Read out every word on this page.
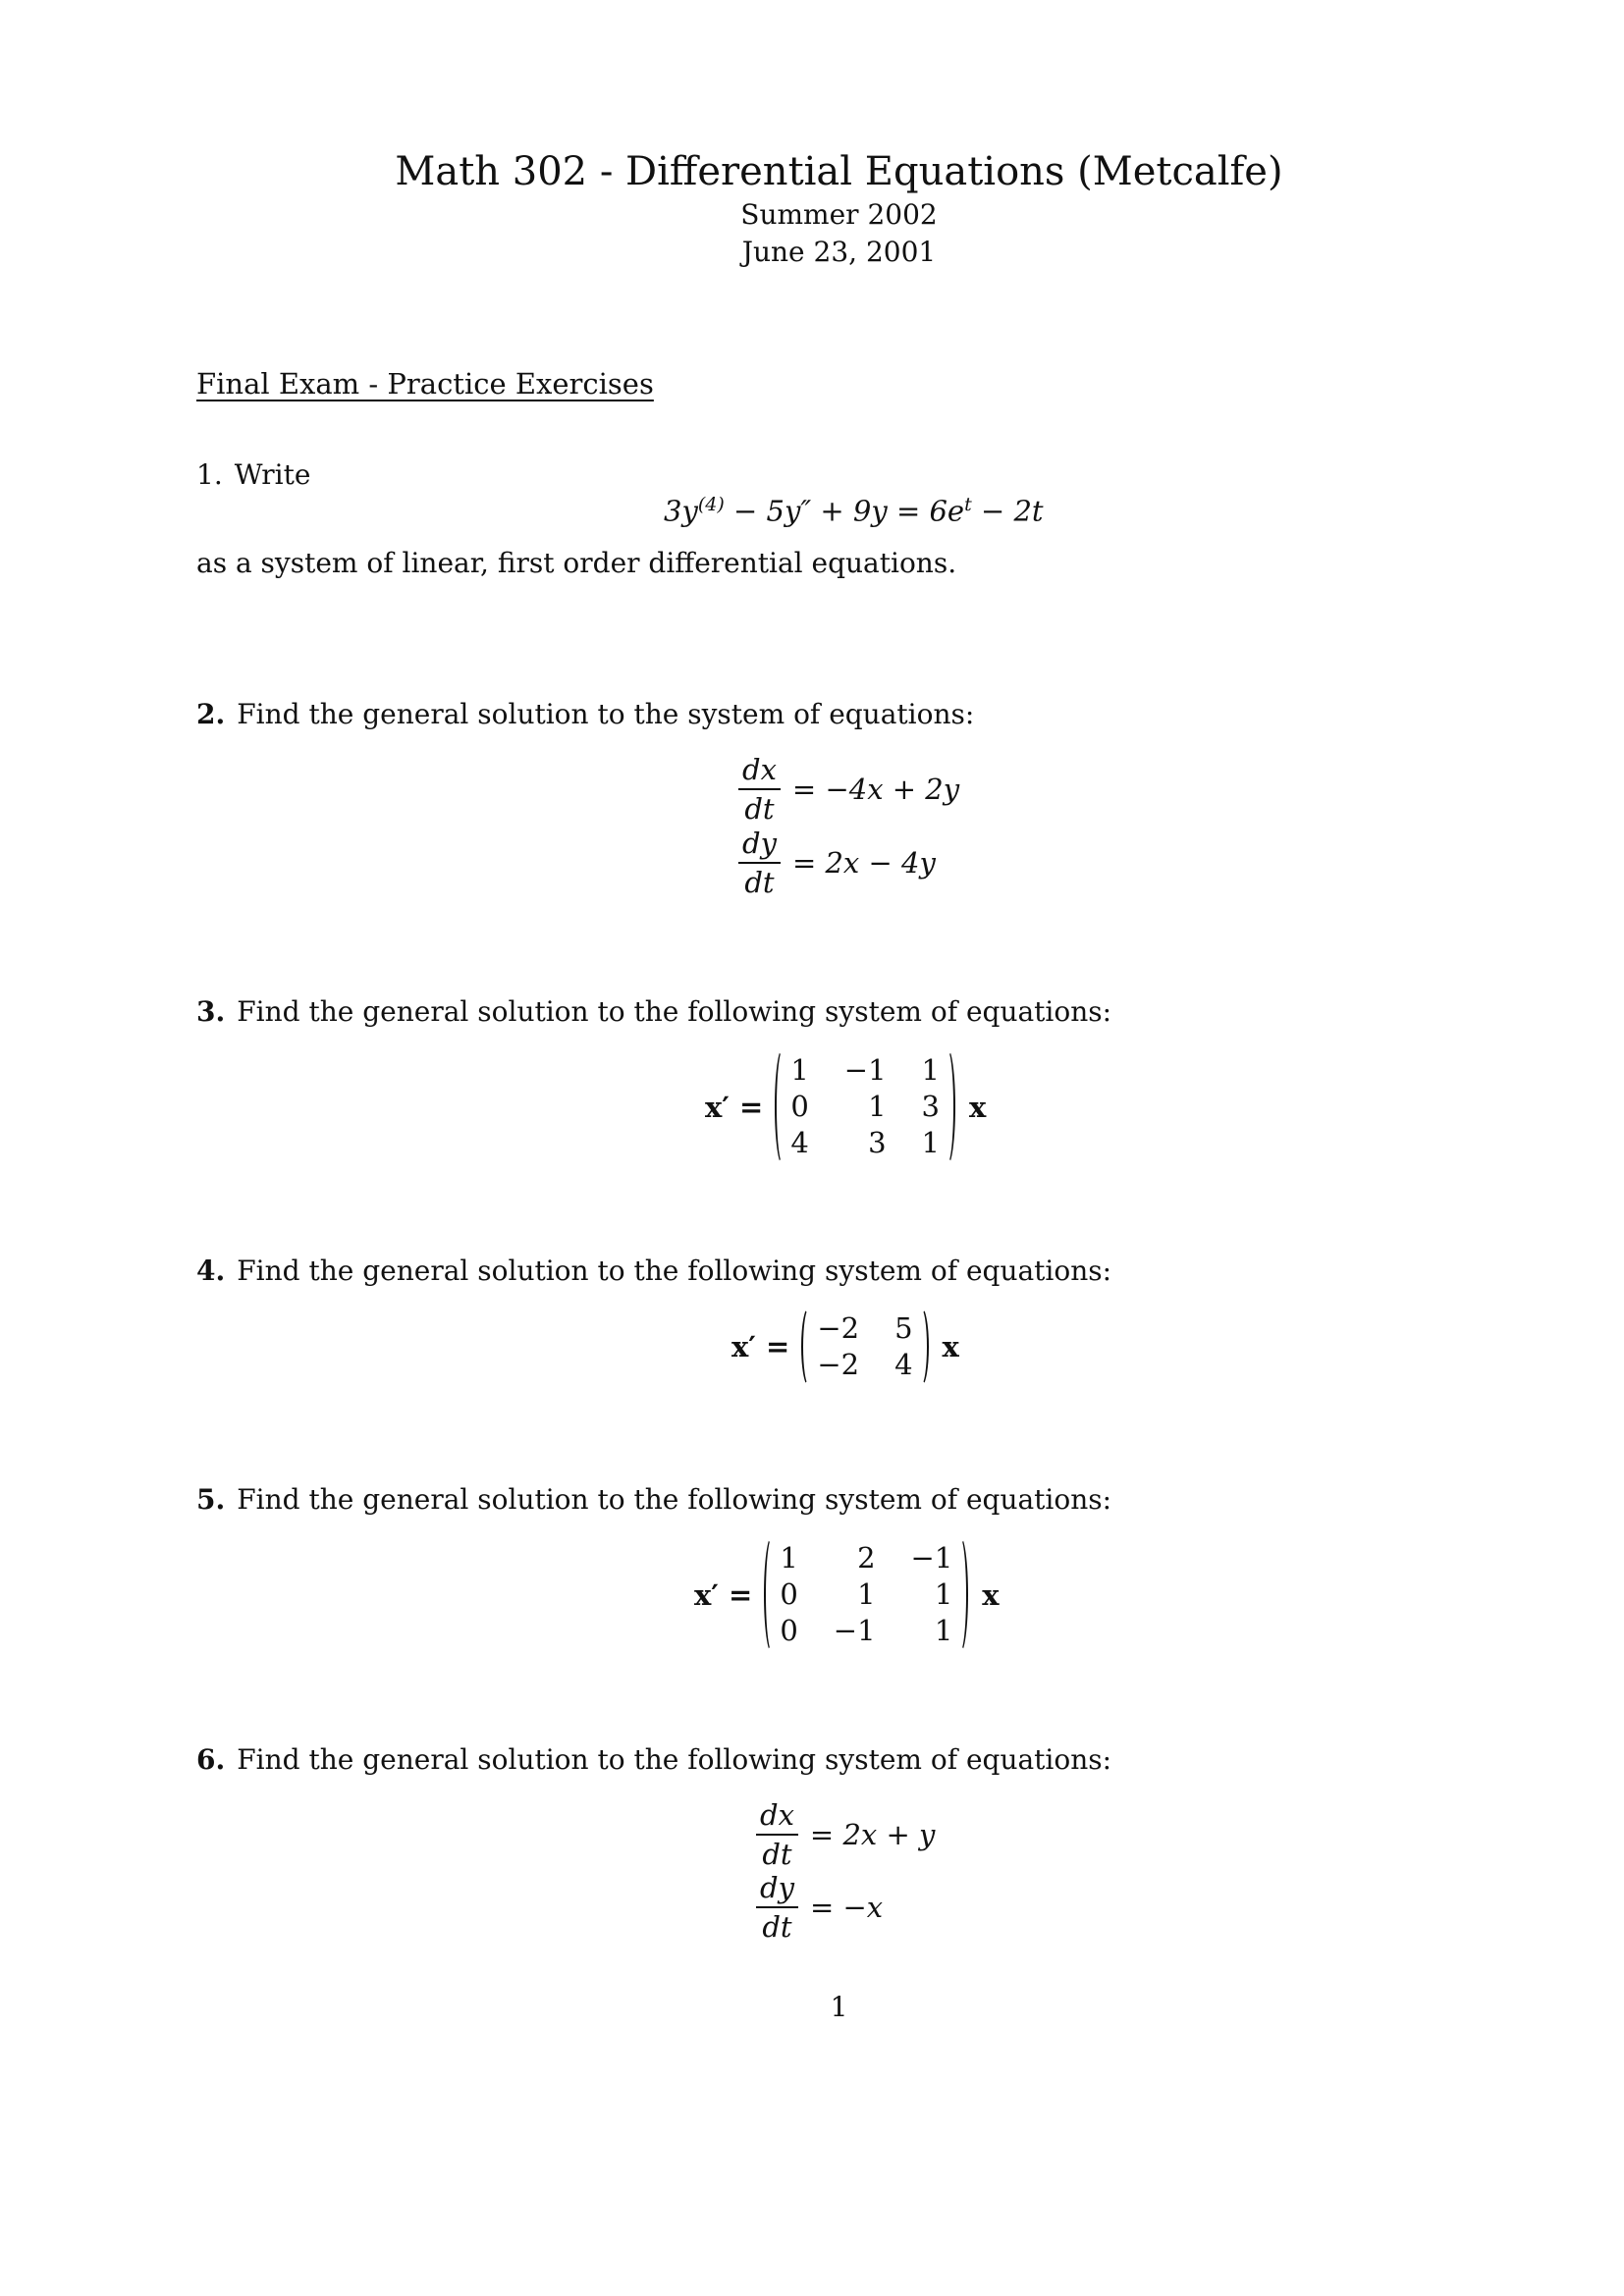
Math 302 - Differential Equations (Metcalfe)
Summer 2002
June 23, 2001
Final Exam - Practice Exercises
1. Write
$3y^{(4)} - 5y'' + 9y = 6e^t - 2t$
as a system of linear, first order differential equations.
2. Find the general solution to the system of equations:
$\frac{dx}{dt} = -4x + 2y$
$\frac{dy}{dt} = 2x - 4y$
3. Find the general solution to the following system of equations:
x′ =
1 −1 1
0	1 3
4	3 1
x
4. Find the general solution to the following system of equations:
x′ =
−2 5
−2 4
x
5. Find the general solution to the following system of equations:
x′ =
1	2 −1
0	1	1
0 −1	1
x
6. Find the general solution to the following system of equations:
$\frac{dx}{dt} = 2x + y$
$\frac{dy}{dt} = -x$
1
